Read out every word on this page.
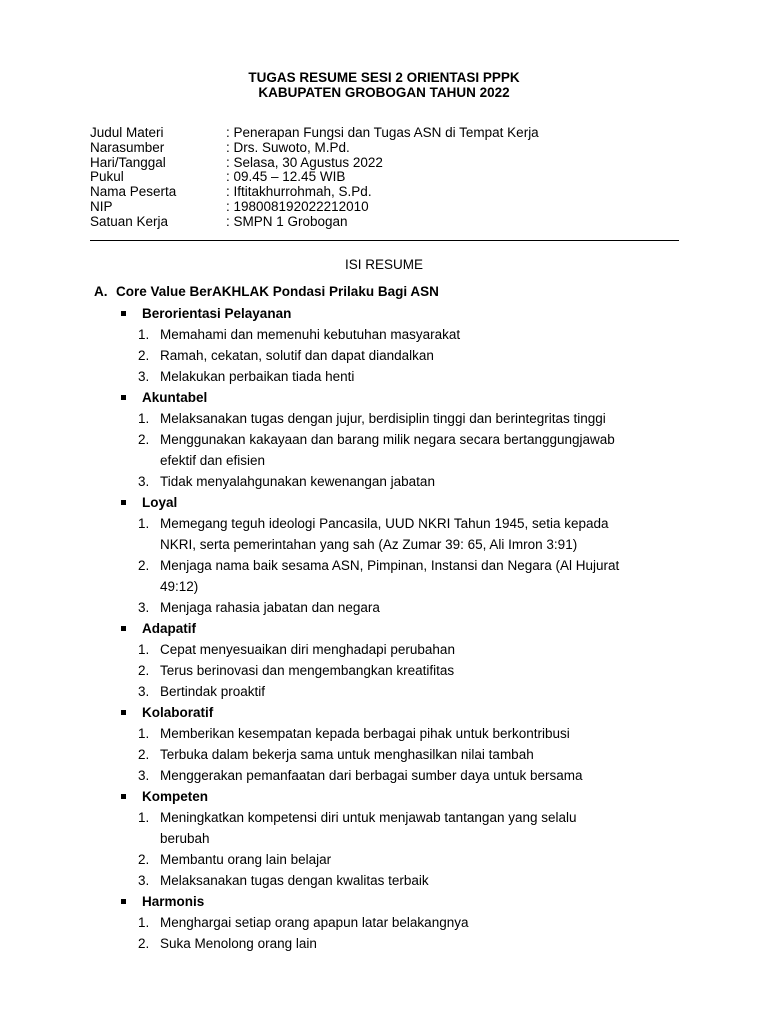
TUGAS RESUME SESI 2 ORIENTASI PPPK
KABUPATEN GROBOGAN TAHUN 2022
Judul Materi	: Penerapan Fungsi dan Tugas ASN di Tempat Kerja
Narasumber	: Drs. Suwoto, M.Pd.
Hari/Tanggal	: Selasa, 30 Agustus 2022
Pukul	: 09.45 – 12.45 WIB
Nama Peserta	: Iftitakhurrohmah, S.Pd.
NIP	: 198008192022212010
Satuan Kerja	: SMPN 1 Grobogan
ISI RESUME
A. Core Value BerAKHLAK Pondasi Prilaku Bagi ASN
Berorientasi Pelayanan
1. Memahami dan memenuhi kebutuhan masyarakat
2. Ramah, cekatan, solutif dan dapat diandalkan
3. Melakukan perbaikan tiada henti
Akuntabel
1. Melaksanakan tugas dengan jujur, berdisiplin tinggi dan berintegritas tinggi
2. Menggunakan kakayaan dan barang milik negara secara bertanggungjawab
efektif dan efisien
3. Tidak menyalahgunakan kewenangan jabatan
Loyal
1. Memegang teguh ideologi Pancasila, UUD NKRI Tahun 1945, setia kepada
NKRI, serta pemerintahan yang sah (Az Zumar 39: 65, Ali Imron 3:91)
2. Menjaga nama baik sesama ASN, Pimpinan, Instansi dan Negara (Al Hujurat
49:12)
3. Menjaga rahasia jabatan dan negara
Adapatif
1. Cepat menyesuaikan diri menghadapi perubahan
2. Terus berinovasi dan mengembangkan kreatifitas
3. Bertindak proaktif
Kolaboratif
1. Memberikan kesempatan kepada berbagai pihak untuk berkontribusi
2. Terbuka dalam bekerja sama untuk menghasilkan nilai tambah
3. Menggerakan pemanfaatan dari berbagai sumber daya untuk bersama
Kompeten
1. Meningkatkan kompetensi diri untuk menjawab tantangan yang selalu
berubah
2. Membantu orang lain belajar
3. Melaksanakan tugas dengan kwalitas terbaik
Harmonis
1. Menghargai setiap orang apapun latar belakangnya
2. Suka Menolong orang lain
